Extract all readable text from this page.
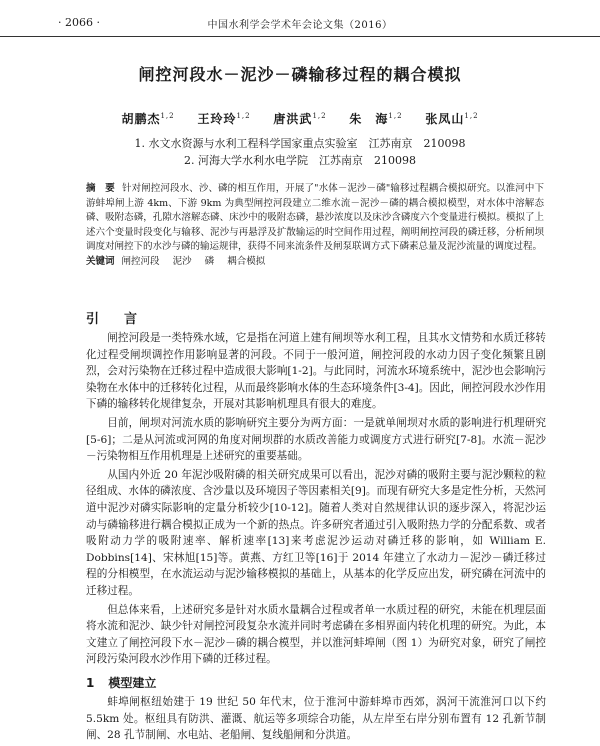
· 2066 ·	中国水利学会学术年会论文集（2016）
闸控河段水－泥沙－磷输移过程的耦合模拟
胡鹏杰$^{1,2}$ 王玲玲$^{1,2}$ 唐洪武$^{1,2}$ 朱　海$^{1,2}$ 张凤山$^{1,2}$
1. 水文水资源与水利工程科学国家重点实验室　江苏南京　210098
2. 河海大学水利水电学院　江苏南京　210098
摘　要 针对闸控河段水、沙、磷的相互作用，开展了"水体－泥沙－磷"输移过程耦合模拟研究。以淮河中下游蚌埠闸上游 4km、下游 9km 为典型闸控河段建立二维水流－泥沙－磷的耦合模拟模型，对水体中溶解态磷、吸附态磷，孔隙水溶解态磷、床沙中的吸附态磷，悬沙浓度以及床沙含磷度六个变量进行模拟。模拟了上述六个变量时段变化与输移、泥沙与再悬浮及扩散输运的时空间作用过程，阐明闸控河段的磷迁移，分析闸坝调度对闸控下的水沙与磷的输运规律，获得不同来流条件及闸泵联调方式下磷素总量及泥沙流量的调度过程。
关键词 闸控河段 泥沙 磷 耦合模拟
引　言

闸控河段是一类特殊水域，它是指在河道上建有闸坝等水利工程，且其水文情势和水质迁移转化过程受闸坝调控作用影响显著的河段。不同于一般河道，闸控河段的水动力因子变化频繁且剧烈，会对污染物在迁移过程中造成很大影响[1-2]。与此同时，河流水环境系统中，泥沙也会影响污染物在水体中的迁移转化过程，从而最终影响水体的生态环境条件[3-4]。因此，闸控河段水沙作用下磷的输移转化规律复杂，开展对其影响机理具有很大的难度。

目前，闸坝对河流水质的影响研究主要分为两方面：一是就单闸坝对水质的影响进行机理研究[5-6]；二是从河流或河网的角度对闸坝群的水质改善能力或调度方式进行研究[7-8]。水流－泥沙－污染物相互作用机理是上述研究的重要基础。

从国内外近 20 年泥沙吸附磷的相关研究成果可以看出，泥沙对磷的吸附主要与泥沙颗粒的粒径组成、水体的磷浓度、含沙量以及环境因子等因素相关[9]。而现有研究大多是定性分析，天然河道中泥沙对磷实际影响的定量分析较少[10-12]。随着人类对自然规律认识的逐步深入，将泥沙运动与磷输移进行耦合模拟正成为一个新的热点。许多研究者通过引入吸附热力学的分配系数、或者吸附动力学的吸附速率、解析速率[13]来考虑泥沙运动对磷迁移的影响，如 William E. Dobbins[14]、宋林旭[15]等。黄燕、方红卫等[16]于 2014 年建立了水动力－泥沙－磷迁移过程的分相模型，在水流运动与泥沙输移模拟的基础上，从基本的化学反应出发，研究磷在河流中的迁移过程。

但总体来看，上述研究多是针对水质水量耦合过程或者单一水质过程的研究，未能在机理层面将水流和泥沙、缺少针对闸控河段复杂水流并同时考虑磷在多相界面内转化机理的研究。为此，本文建立了闸控河段下水－泥沙－磷的耦合模型，并以淮河蚌埠闸（图 1）为研究对象，研究了闸控河段污染河段水沙作用下磷的迁移过程。

1 模型建立

蚌埠闸枢纽始建于 19 世纪 50 年代末，位于淮河中游蚌埠市西郊，涡河干流淮河口以下约 5.5km 处。枢纽具有防洪、灌溉、航运等多项综合功能，从左岸至右岸分别布置有 12 孔新节制闸、28 孔节制闸、水电站、老船闸、复线船闸和分洪道。
